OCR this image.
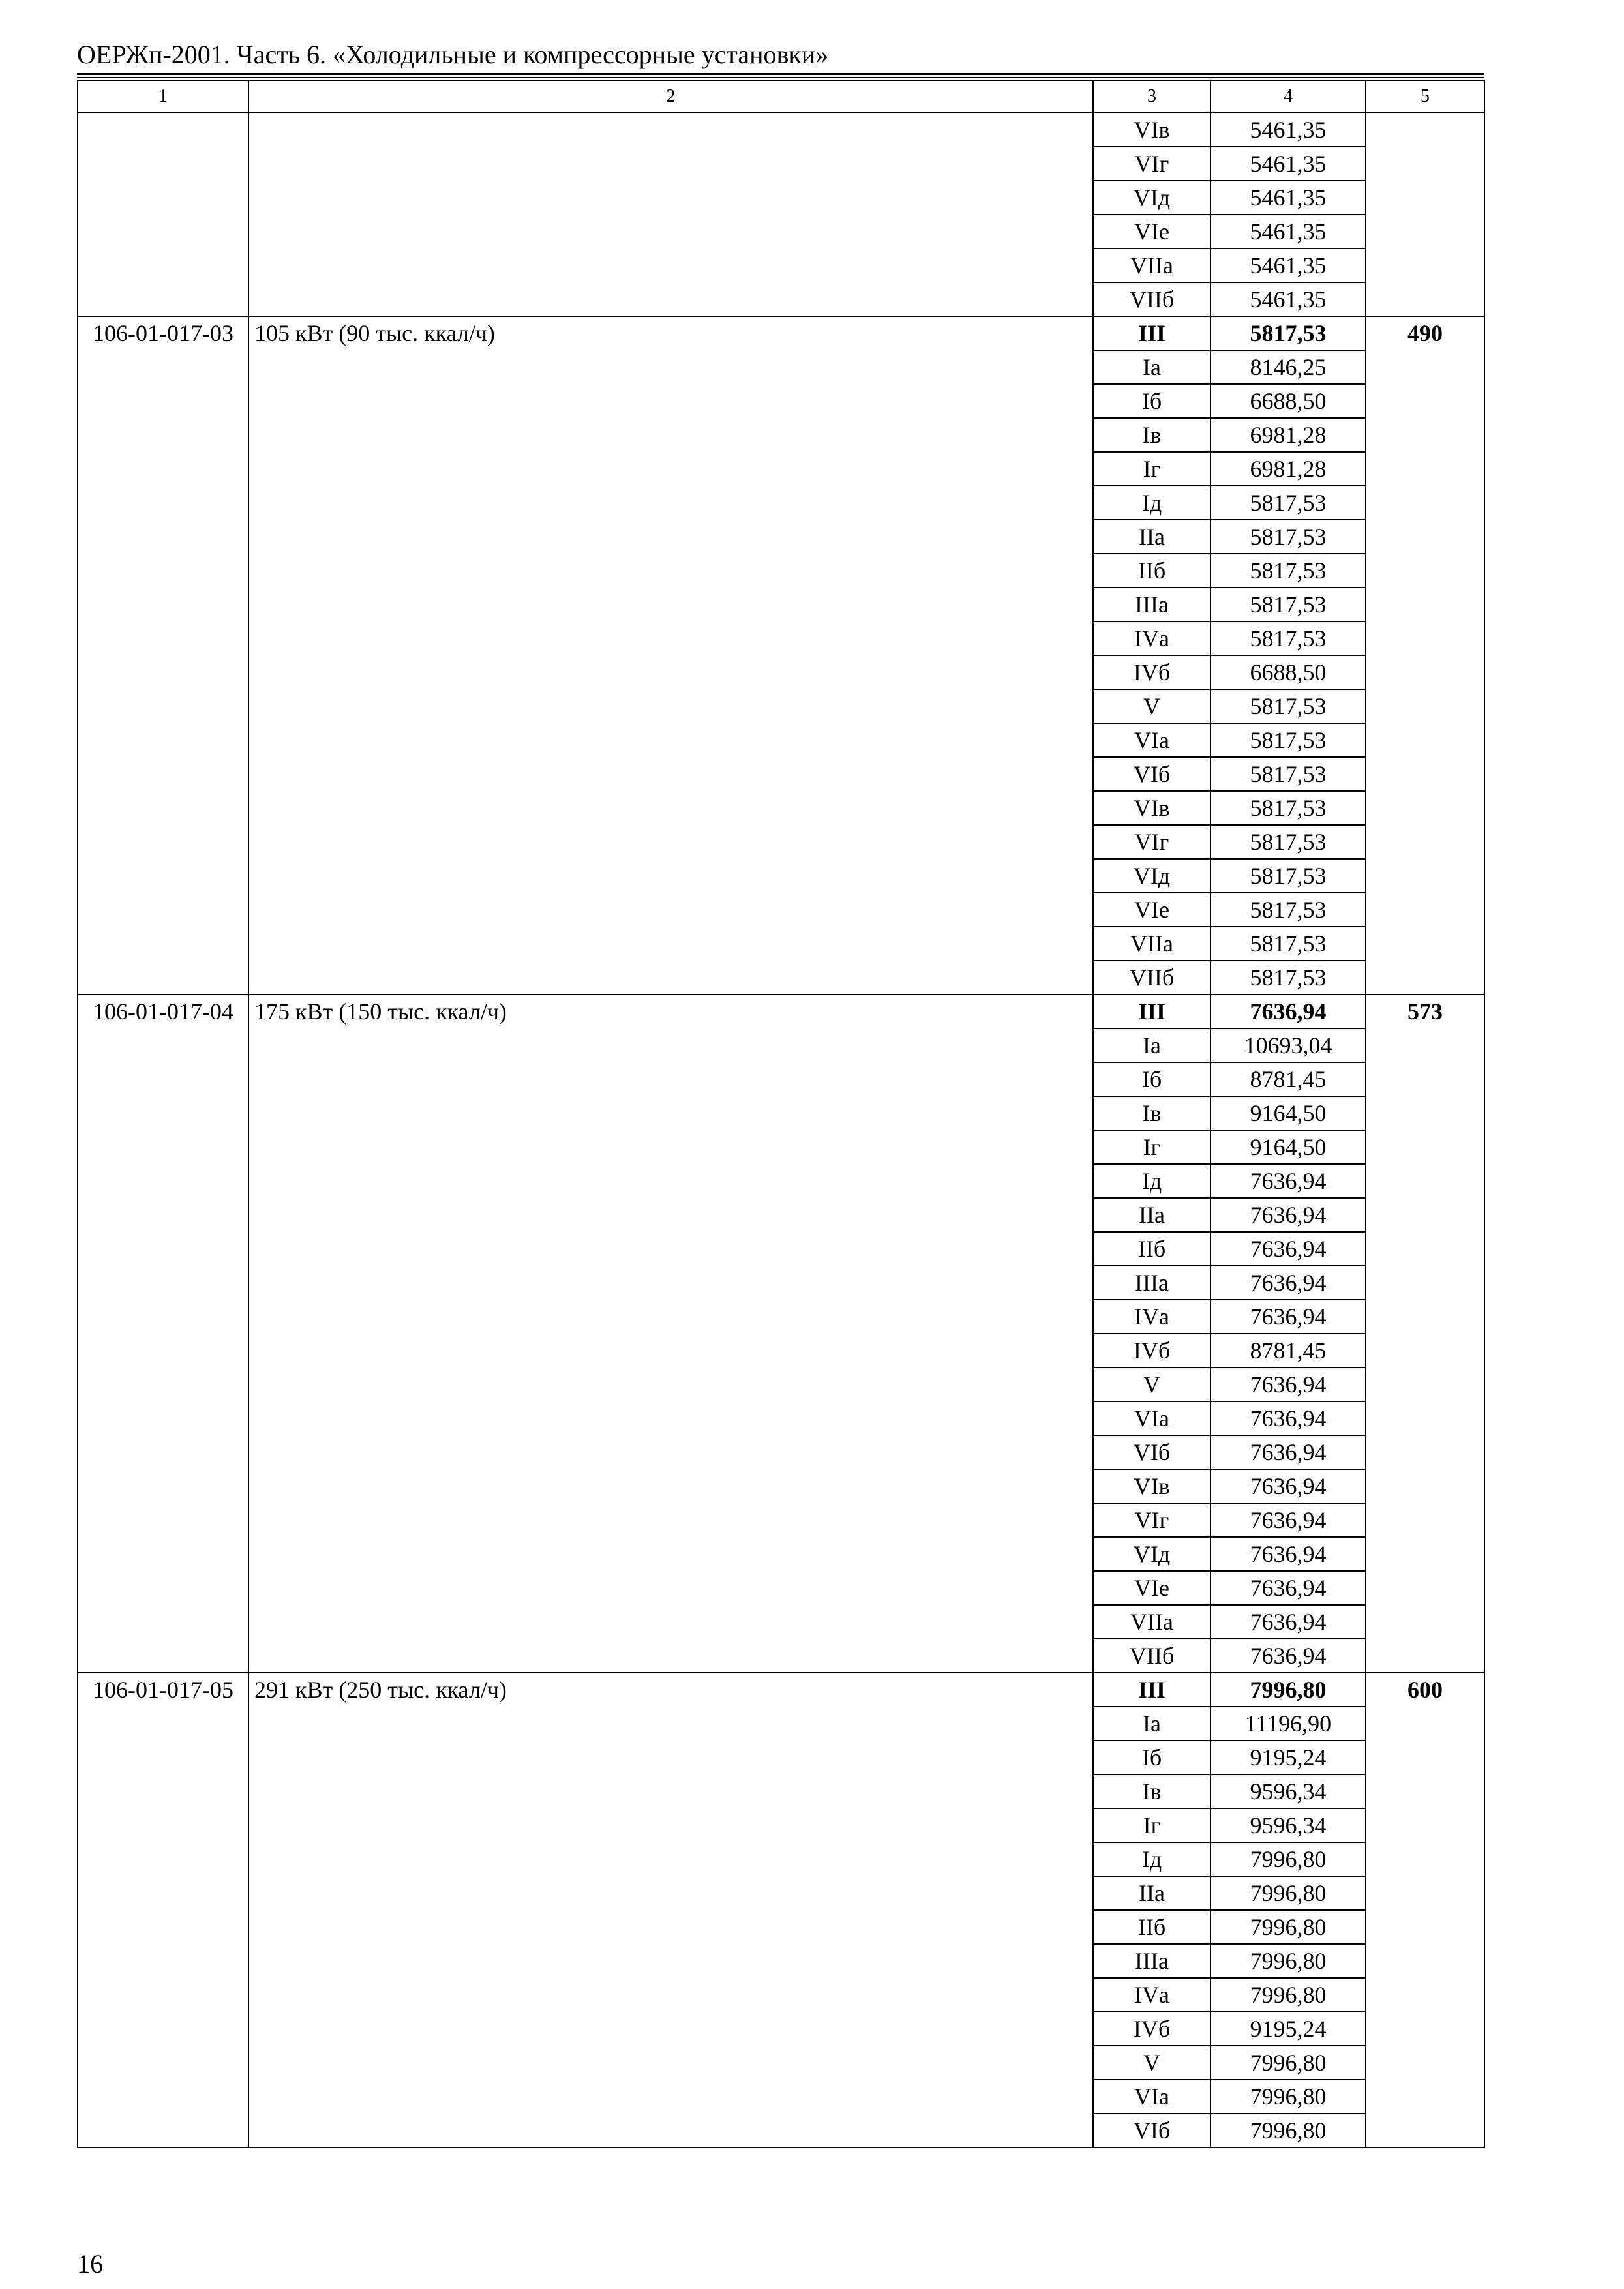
ОЕРЖп-2001. Часть 6. «Холодильные и компрессорные установки»
1	2	3	4	5
		VIв	5461,35	
		VIг	5461,35	
		VIд	5461,35	
		VIе	5461,35	
		VIIа	5461,35	
		VIIб	5461,35	
106-01-017-03	105 кВт (90 тыс. ккал/ч)	III	5817,53	490
		Iа	8146,25	
		Iб	6688,50	
		Iв	6981,28	
		Iг	6981,28	
		Iд	5817,53	
		IIа	5817,53	
		IIб	5817,53	
		IIIа	5817,53	
		IVа	5817,53	
		IVб	6688,50	
		V	5817,53	
		VIа	5817,53	
		VIб	5817,53	
		VIв	5817,53	
		VIг	5817,53	
		VIд	5817,53	
		VIе	5817,53	
		VIIа	5817,53	
		VIIб	5817,53	
106-01-017-04	175 кВт (150 тыс. ккал/ч)	III	7636,94	573
		Iа	10693,04	
		Iб	8781,45	
		Iв	9164,50	
		Iг	9164,50	
		Iд	7636,94	
		IIа	7636,94	
		IIб	7636,94	
		IIIа	7636,94	
		IVа	7636,94	
		IVб	8781,45	
		V	7636,94	
		VIа	7636,94	
		VIб	7636,94	
		VIв	7636,94	
		VIг	7636,94	
		VIд	7636,94	
		VIе	7636,94	
		VIIа	7636,94	
		VIIб	7636,94	
106-01-017-05	291 кВт (250 тыс. ккал/ч)	III	7996,80	600
		Iа	11196,90	
		Iб	9195,24	
		Iв	9596,34	
		Iг	9596,34	
		Iд	7996,80	
		IIа	7996,80	
		IIб	7996,80	
		IIIа	7996,80	
		IVа	7996,80	
		IVб	9195,24	
		V	7996,80	
		VIа	7996,80	
		VIб	7996,80	
16
